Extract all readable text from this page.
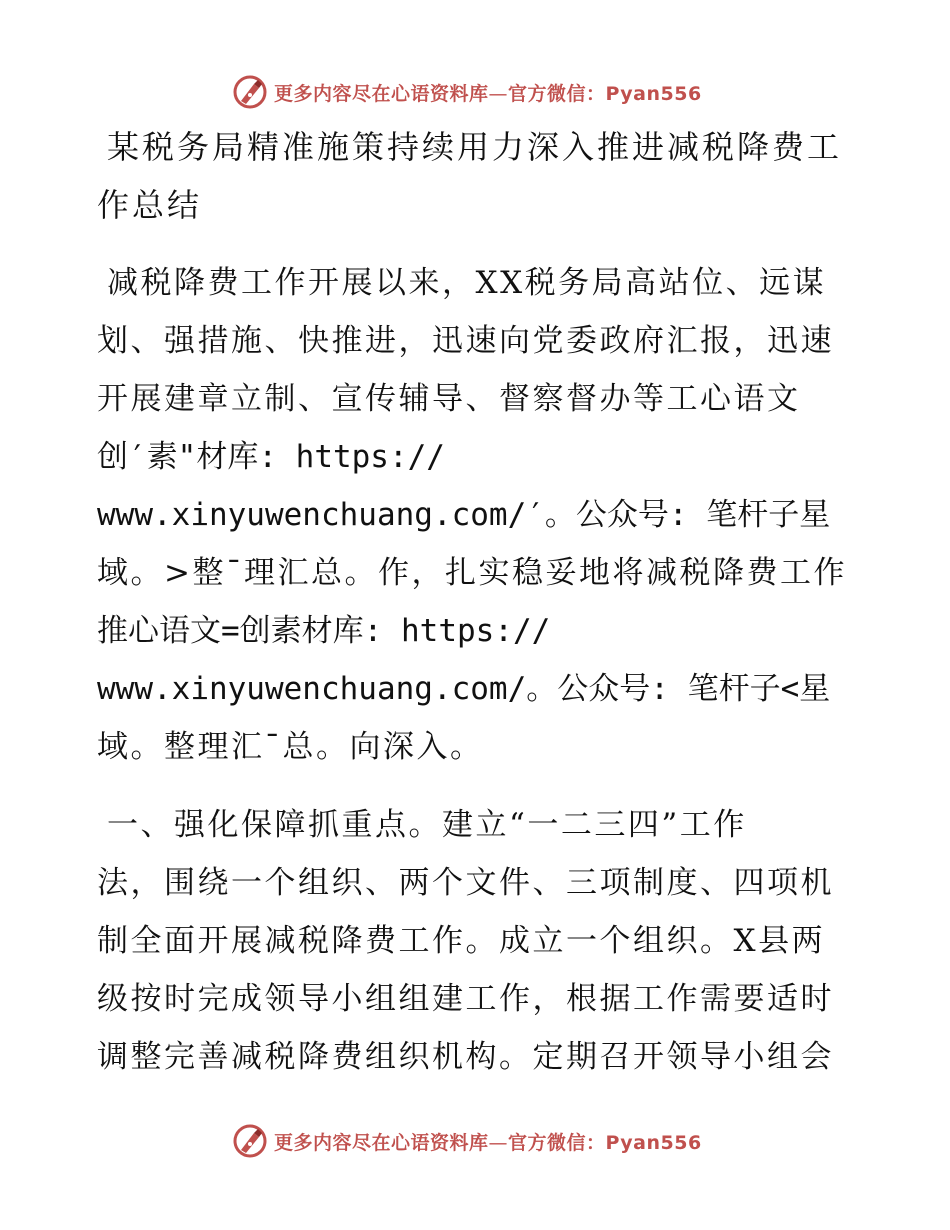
更多内容尽在心语资料库—官方微信：Pyan556
某税务局精准施策持续用力深入推进减税降费工
作总结

减税降费工作开展以来，XX税务局高站位、远谋
划、强措施、快推进，迅速向党委政府汇报，迅速
开展建章立制、宣传辅导、督察督办等工心语文
创′素"材库: https://
www.xinyuwenchuang.com/′。公众号: 笔杆子星
域。>整¯理汇总。作，扎实稳妥地将减税降费工作
推心语文=创素材库: https://
www.xinyuwenchuang.com/。公众号: 笔杆子<星
域。整理汇¯总。向深入。

一、强化保障抓重点。建立“一二三四”工作
法，围绕一个组织、两个文件、三项制度、四项机
制全面开展减税降费工作。成立一个组织。X县两
级按时完成领导小组组建工作，根据工作需要适时
调整完善减税降费组织机构。定期召开领导小组会

更多内容尽在心语资料库—官方微信：Pyan556
